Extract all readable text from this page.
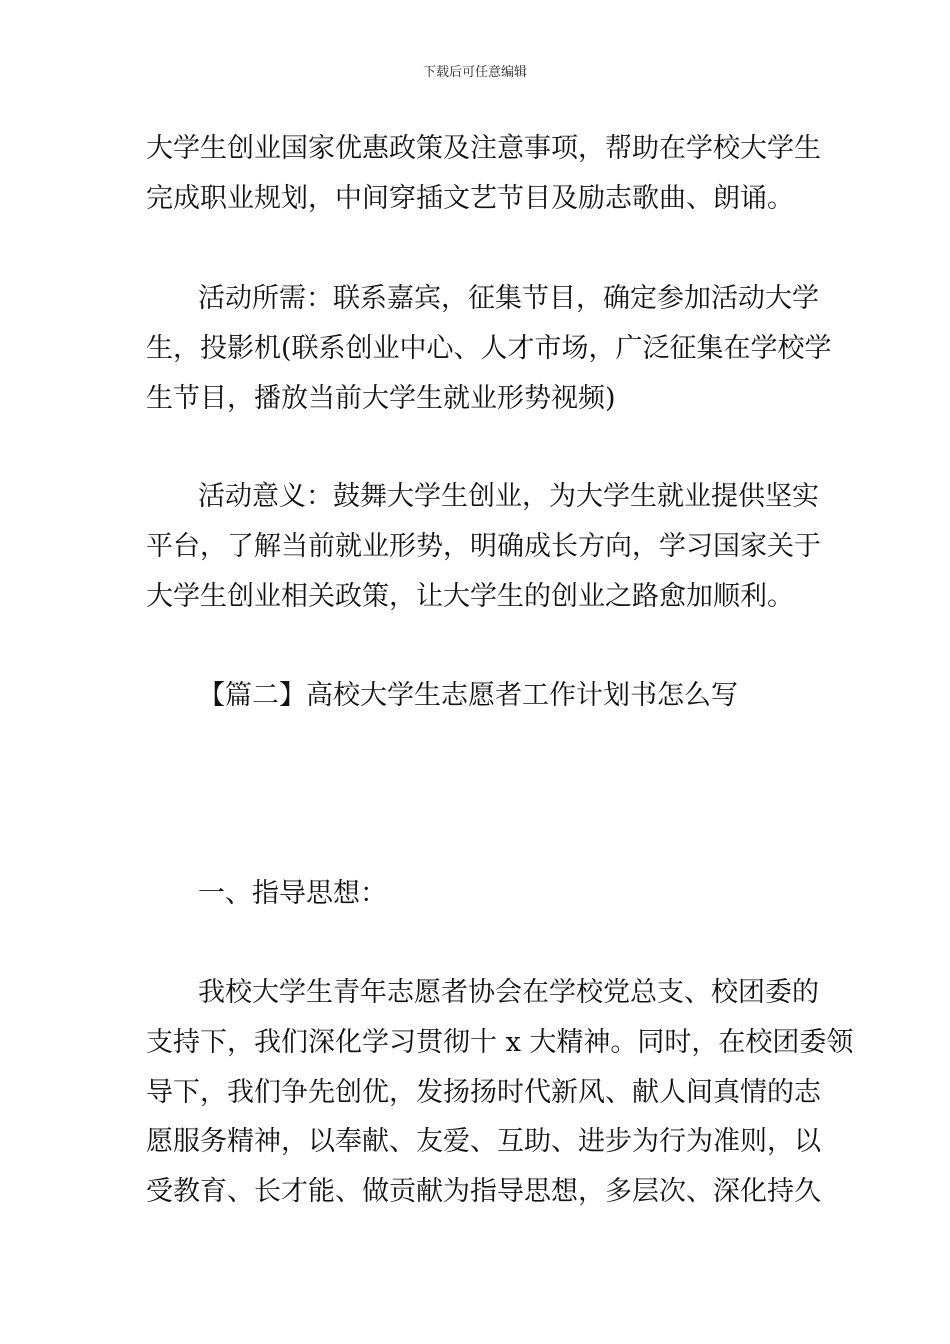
下载后可任意编辑
大学生创业国家优惠政策及注意事项，帮助在学校大学生
完成职业规划，中间穿插文艺节目及励志歌曲、朗诵。
活动所需：联系嘉宾，征集节目，确定参加活动大学
生，投影机(联系创业中心、人才市场，广泛征集在学校学
生节目，播放当前大学生就业形势视频)
活动意义：鼓舞大学生创业，为大学生就业提供坚实
平台，了解当前就业形势，明确成长方向，学习国家关于
大学生创业相关政策，让大学生的创业之路愈加顺利。
【篇二】高校大学生志愿者工作计划书怎么写
一、指导思想：
我校大学生青年志愿者协会在学校党总支、校团委的
支持下，我们深化学习贯彻十 x 大精神。同时，在校团委领
导下，我们争先创优，发扬扬时代新风、献人间真情的志
愿服务精神，以奉献、友爱、互助、进步为行为准则，以
受教育、长才能、做贡献为指导思想，多层次、深化持久
